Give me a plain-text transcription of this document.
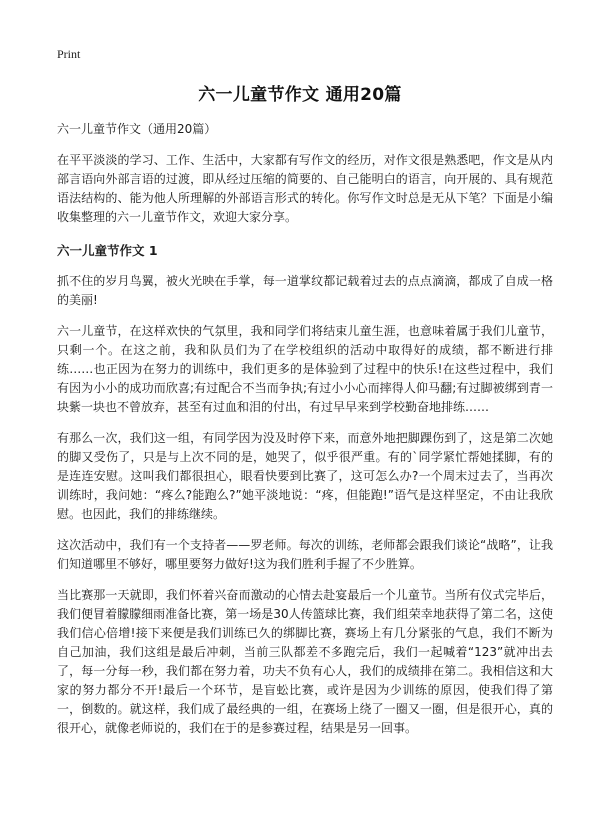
Print
六一儿童节作文 通用20篇

六一儿童节作文（通用20篇）

在平平淡淡的学习、工作、生活中，大家都有写作文的经历，对作文很是熟悉吧，作文是从内部言语向外部言语的过渡，即从经过压缩的简要的、自己能明白的语言，向开展的、具有规范语法结构的、能为他人所理解的外部语言形式的转化。你写作文时总是无从下笔？下面是小编收集整理的六一儿童节作文，欢迎大家分享。

六一儿童节作文 1

抓不住的岁月鸟翼，被火光映在手掌，每一道掌纹都记载着过去的点点滴滴，都成了自成一格的美丽!

六一儿童节，在这样欢快的气氛里，我和同学们将结束儿童生涯，也意味着属于我们儿童节，只剩一个。在这之前，我和队员们为了在学校组织的活动中取得好的成绩，都不断进行排练……也正因为在努力的训练中，我们更多的是体验到了过程中的快乐!在这些过程中，我们有因为小小的成功而欣喜;有过配合不当而争执;有过小小心而摔得人仰马翻;有过脚被绑到青一块紫一块也不曾放弃，甚至有过血和泪的付出，有过早早来到学校勤奋地排练……

有那么一次，我们这一组，有同学因为没及时停下来，而意外地把脚踝伤到了，这是第二次她的脚又受伤了，只是与上次不同的是，她哭了，似乎很严重。有的`同学紧忙帮她揉脚，有的是连连安慰。这叫我们都很担心，眼看快要到比赛了，这可怎么办?一个周末过去了，当再次训练时，我问她：“疼么?能跑么?”她平淡地说：“疼，但能跑!”语气是这样坚定，不由让我欣慰。也因此，我们的排练继续。

这次活动中，我们有一个支持者——罗老师。每次的训练，老师都会跟我们谈论“战略”，让我们知道哪里不够好，哪里要努力做好!这为我们胜利手握了不少胜算。

当比赛那一天就即，我们怀着兴奋而激动的心情去赴宴最后一个儿童节。当所有仪式完毕后，我们便冒着朦朦细雨准备比赛，第一场是30人传篮球比赛，我们组荣幸地获得了第二名，这使我们信心倍增!接下来便是我们训练已久的绑脚比赛，赛场上有几分紧张的气息，我们不断为自己加油，我们这组是最后冲刺，当前三队都差不多跑完后，我们一起喊着“123”就冲出去了，每一分每一秒，我们都在努力着，功夫不负有心人，我们的成绩排在第二。我相信这和大家的努力都分不开!最后一个环节，是盲蚣比赛，或许是因为少训练的原因，使我们得了第一，倒数的。就这样，我们成了最经典的一组，在赛场上绕了一圈又一圈，但是很开心，真的很开心，就像老师说的，我们在于的是参赛过程，结果是另一回事。
